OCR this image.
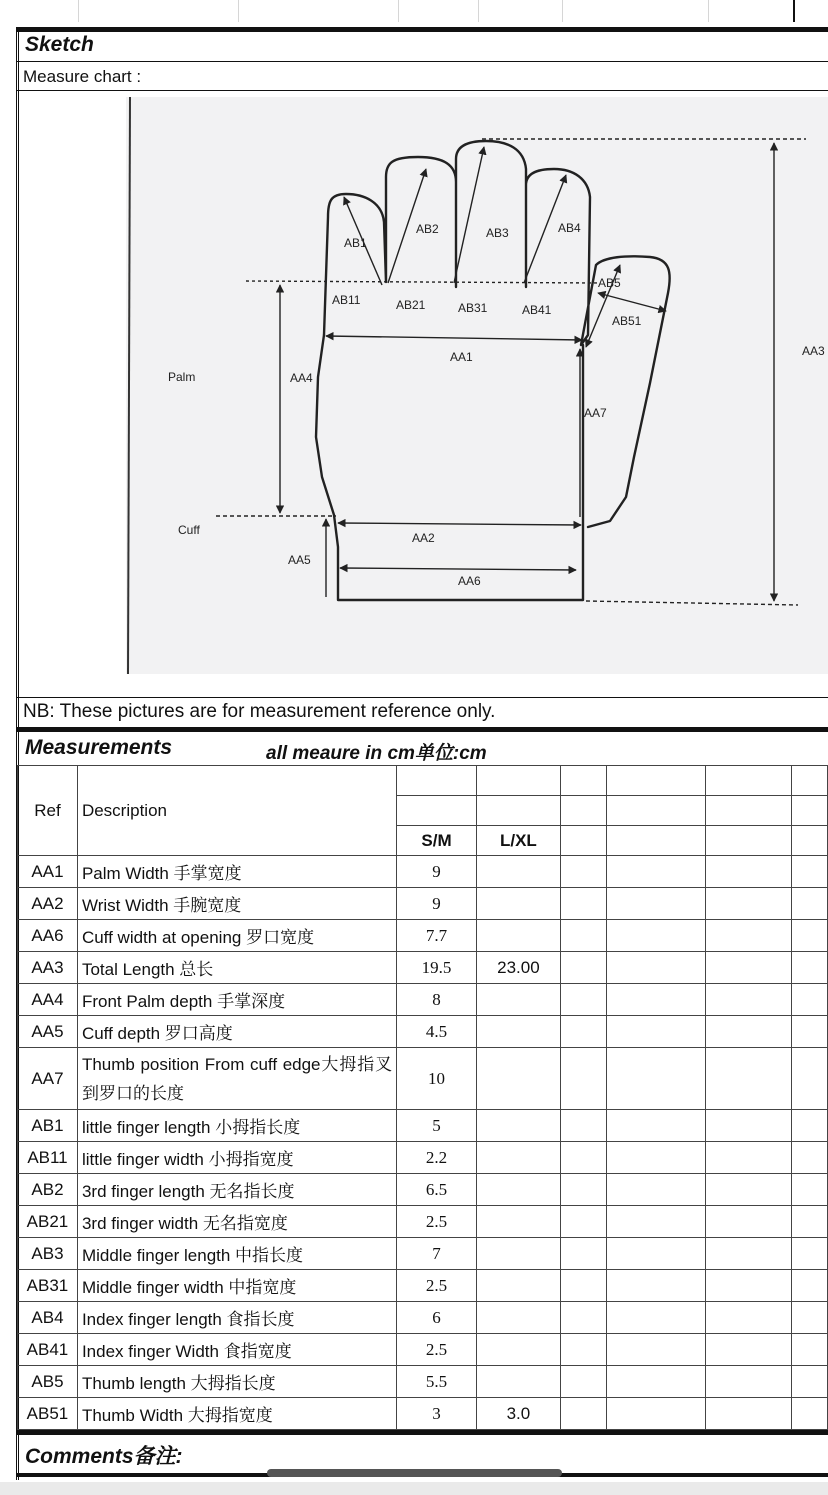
Sketch
Measure chart :
AB1
AB2	AB3	AB4
AB5
AB51
AB11	AB21	AB31	AB41
AA1	AA3
AA4
AA7
AA2
AA5
AA6
Palm
Cuff
NB: These pictures are for measurement reference only.
Measurements	all meaure in cm单位:cm
Ref	Description						

		S/M	L/XL				
AA1	Palm Width 手掌宽度	9					
AA2	Wrist Width 手腕宽度	9					
AA6	Cuff width at opening 罗口宽度	7.7					
AA3	Total Length 总长	19.5	23.00				
AA4	Front Palm depth 手掌深度	8					
AA5	Cuff depth 罗口高度	4.5					
AA7	Thumb position From cuff edge大拇指叉到罗口的长度	10					
AB1	little finger length 小拇指长度	5					
AB11	little finger width 小拇指宽度	2.2					
AB2	3rd finger length 无名指长度	6.5					
AB21	3rd finger width 无名指宽度	2.5					
AB3	Middle finger length 中指长度	7					
AB31	Middle finger width 中指宽度	2.5					
AB4	Index finger length 食指长度	6					
AB41	Index finger Width 食指宽度	2.5					
AB5	Thumb length 大拇指长度	5.5					
AB51	Thumb Width 大拇指宽度	3	3.0				
Comments备注:
